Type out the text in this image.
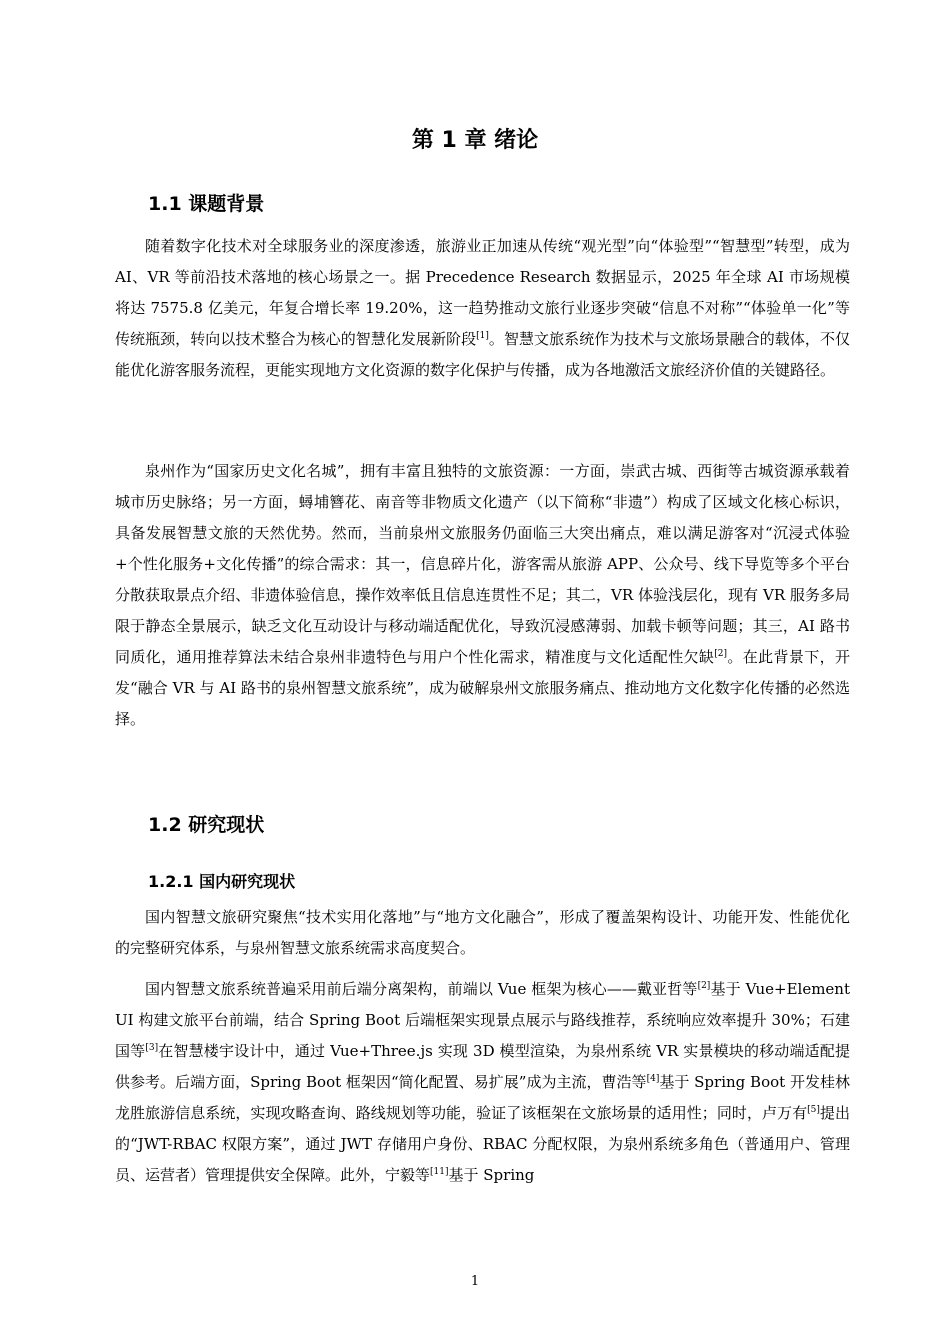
第 1 章 绪论
1.1 课题背景
随着数字化技术对全球服务业的深度渗透，旅游业正加速从传统“观光型”向“体验型”“智慧型”转型，成为 AI、VR 等前沿技术落地的核心场景之一。据 Precedence Research 数据显示，2025 年全球 AI 市场规模将达 7575.8 亿美元，年复合增长率 19.20%，这一趋势推动文旅行业逐步突破“信息不对称”“体验单一化”等传统瓶颈，转向以技术整合为核心的智慧化发展新阶段[1]。智慧文旅系统作为技术与文旅场景融合的载体，不仅能优化游客服务流程，更能实现地方文化资源的数字化保护与传播，成为各地激活文旅经济价值的关键路径。
泉州作为“国家历史文化名城”，拥有丰富且独特的文旅资源：一方面，崇武古城、西街等古城资源承载着城市历史脉络；另一方面，蟳埔簪花、南音等非物质文化遗产（以下简称“非遗”）构成了区域文化核心标识，具备发展智慧文旅的天然优势。然而，当前泉州文旅服务仍面临三大突出痛点，难以满足游客对“沉浸式体验+个性化服务+文化传播”的综合需求：其一，信息碎片化，游客需从旅游 APP、公众号、线下导览等多个平台分散获取景点介绍、非遗体验信息，操作效率低且信息连贯性不足；其二，VR 体验浅层化，现有 VR 服务多局限于静态全景展示，缺乏文化互动设计与移动端适配优化，导致沉浸感薄弱、加载卡顿等问题；其三，AI 路书同质化，通用推荐算法未结合泉州非遗特色与用户个性化需求，精准度与文化适配性欠缺[2]。在此背景下，开发“融合 VR 与 AI 路书的泉州智慧文旅系统”，成为破解泉州文旅服务痛点、推动地方文化数字化传播的必然选择。
1.2 研究现状
1.2.1 国内研究现状
国内智慧文旅研究聚焦“技术实用化落地”与“地方文化融合”，形成了覆盖架构设计、功能开发、性能优化的完整研究体系，与泉州智慧文旅系统需求高度契合。
国内智慧文旅系统普遍采用前后端分离架构，前端以 Vue 框架为核心——戴亚哲等[2]基于 Vue+Element UI 构建文旅平台前端，结合 Spring Boot 后端框架实现景点展示与路线推荐，系统响应效率提升 30%；石建国等[3]在智慧楼宇设计中，通过 Vue+Three.js 实现 3D 模型渲染，为泉州系统 VR 实景模块的移动端适配提供参考。后端方面，Spring Boot 框架因“简化配置、易扩展”成为主流，曹浩等[4]基于 Spring Boot 开发桂林龙胜旅游信息系统，实现攻略查询、路线规划等功能，验证了该框架在文旅场景的适用性；同时，卢万有[5]提出的“JWT-RBAC 权限方案”，通过 JWT 存储用户身份、RBAC 分配权限，为泉州系统多角色（普通用户、管理员、运营者）管理提供安全保障。此外，宁毅等[11]基于 Spring
1
